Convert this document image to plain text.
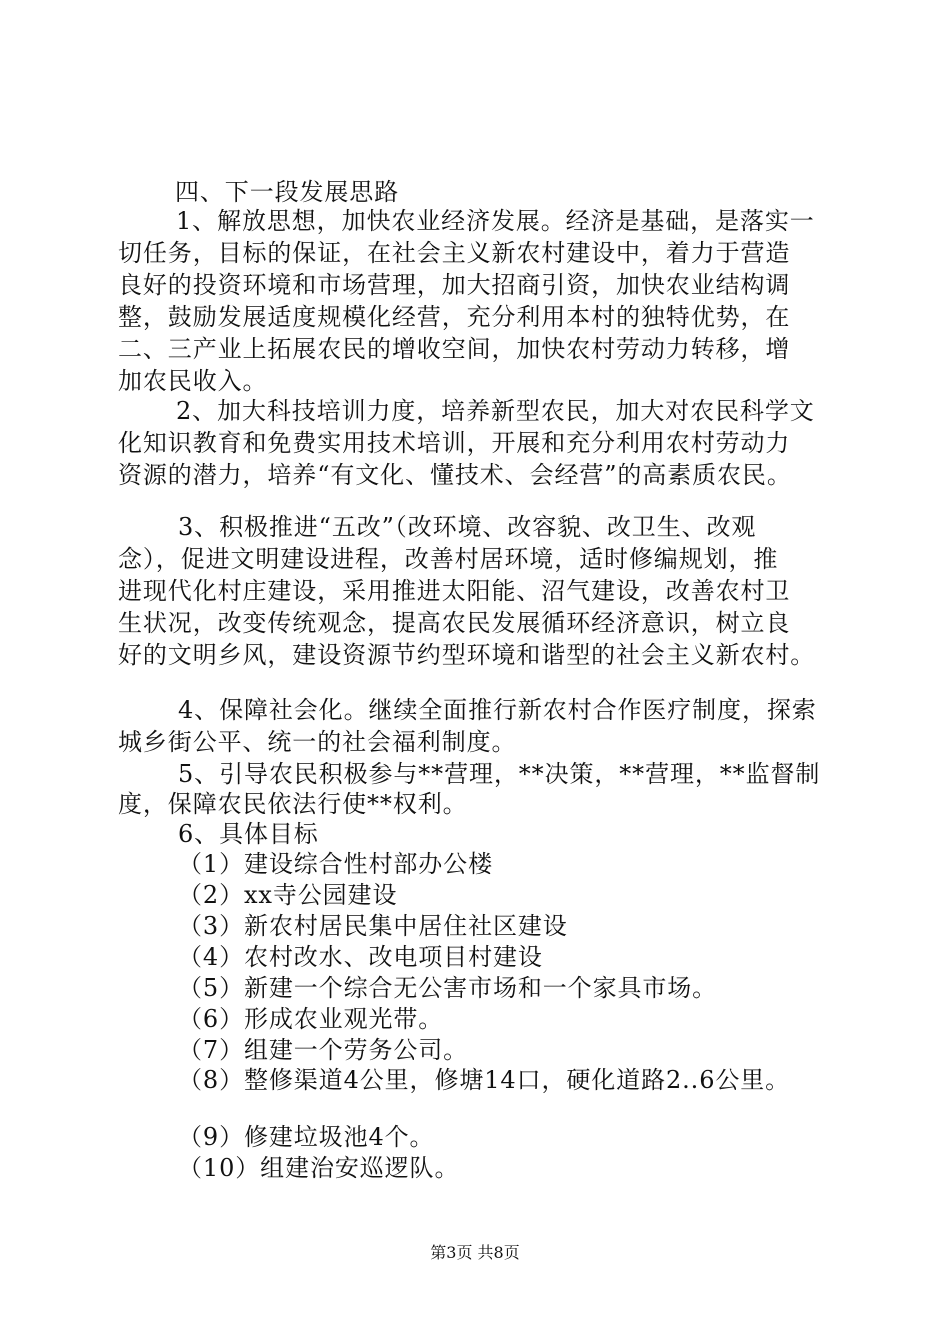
四、下一段发展思路
1、解放思想，加快农业经济发展。经济是基础，是落实一
切任务，目标的保证，在社会主义新农村建设中，着力于营造
良好的投资环境和市场营理，加大招商引资，加快农业结构调
整，鼓励发展适度规模化经营，充分利用本村的独特优势，在
二、三产业上拓展农民的增收空间，加快农村劳动力转移，增
加农民收入。
2、加大科技培训力度，培养新型农民，加大对农民科学文
化知识教育和免费实用技术培训，开展和充分利用农村劳动力
资源的潜力，培养“有文化、懂技术、会经营”的高素质农民。
3、积极推进“五改”（改环境、改容貌、改卫生、改观
念），促进文明建设进程，改善村居环境，适时修编规划，推
进现代化村庄建设，采用推进太阳能、沼气建设，改善农村卫
生状况，改变传统观念，提高农民发展循环经济意识，树立良
好的文明乡风，建设资源节约型环境和谐型的社会主义新农村。
4、保障社会化。继续全面推行新农村合作医疗制度，探索
城乡街公平、统一的社会福利制度。
5、引导农民积极参与**营理，**决策，**营理，**监督制
度，保障农民依法行使**权利。
6、具体目标
（1）建设综合性村部办公楼
（2）xx寺公园建设
（3）新农村居民集中居住社区建设
（4）农村改水、改电项目村建设
（5）新建一个综合无公害市场和一个家具市场。
（6）形成农业观光带。
（7）组建一个劳务公司。
（8）整修渠道4公里，修塘14口，硬化道路2..6公里。
（9）修建垃圾池4个。
（10）组建治安巡逻队。
第3页 共8页
